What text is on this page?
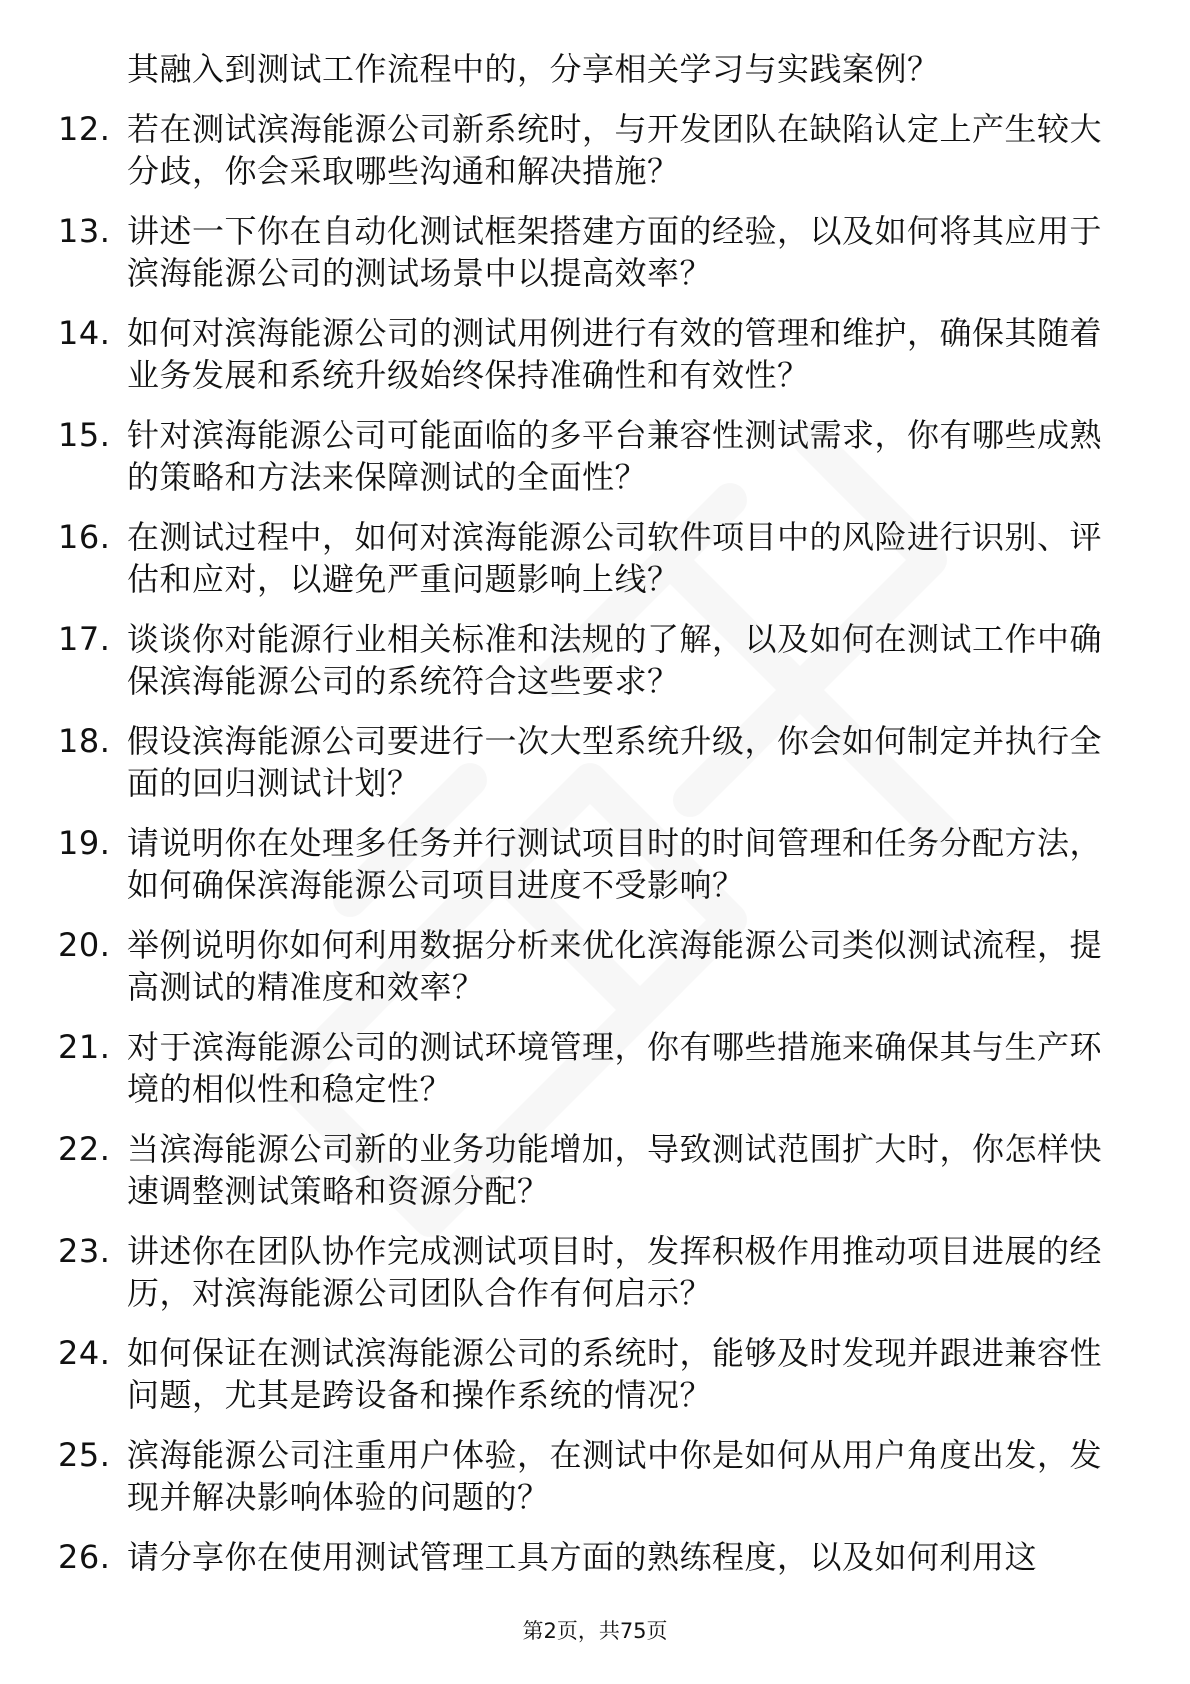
其融入到测试工作流程中的，分享相关学习与实践案例？
12. 若在测试滨海能源公司新系统时，与开发团队在缺陷认定上产生较大分歧，你会采取哪些沟通和解决措施？
13. 讲述一下你在自动化测试框架搭建方面的经验，以及如何将其应用于滨海能源公司的测试场景中以提高效率？
14. 如何对滨海能源公司的测试用例进行有效的管理和维护，确保其随着业务发展和系统升级始终保持准确性和有效性？
15. 针对滨海能源公司可能面临的多平台兼容性测试需求，你有哪些成熟的策略和方法来保障测试的全面性？
16. 在测试过程中，如何对滨海能源公司软件项目中的风险进行识别、评估和应对，以避免严重问题影响上线？
17. 谈谈你对能源行业相关标准和法规的了解，以及如何在测试工作中确保滨海能源公司的系统符合这些要求？
18. 假设滨海能源公司要进行一次大型系统升级，你会如何制定并执行全面的回归测试计划？
19. 请说明你在处理多任务并行测试项目时的时间管理和任务分配方法，如何确保滨海能源公司项目进度不受影响？
20. 举例说明你如何利用数据分析来优化滨海能源公司类似测试流程，提高测试的精准度和效率？
21. 对于滨海能源公司的测试环境管理，你有哪些措施来确保其与生产环境的相似性和稳定性？
22. 当滨海能源公司新的业务功能增加，导致测试范围扩大时，你怎样快速调整测试策略和资源分配？
23. 讲述你在团队协作完成测试项目时，发挥积极作用推动项目进展的经历，对滨海能源公司团队合作有何启示？
24. 如何保证在测试滨海能源公司的系统时，能够及时发现并跟进兼容性问题，尤其是跨设备和操作系统的情况？
25. 滨海能源公司注重用户体验，在测试中你是如何从用户角度出发，发现并解决影响体验的问题的？
26. 请分享你在使用测试管理工具方面的熟练程度，以及如何利用这
第2页，共75页
